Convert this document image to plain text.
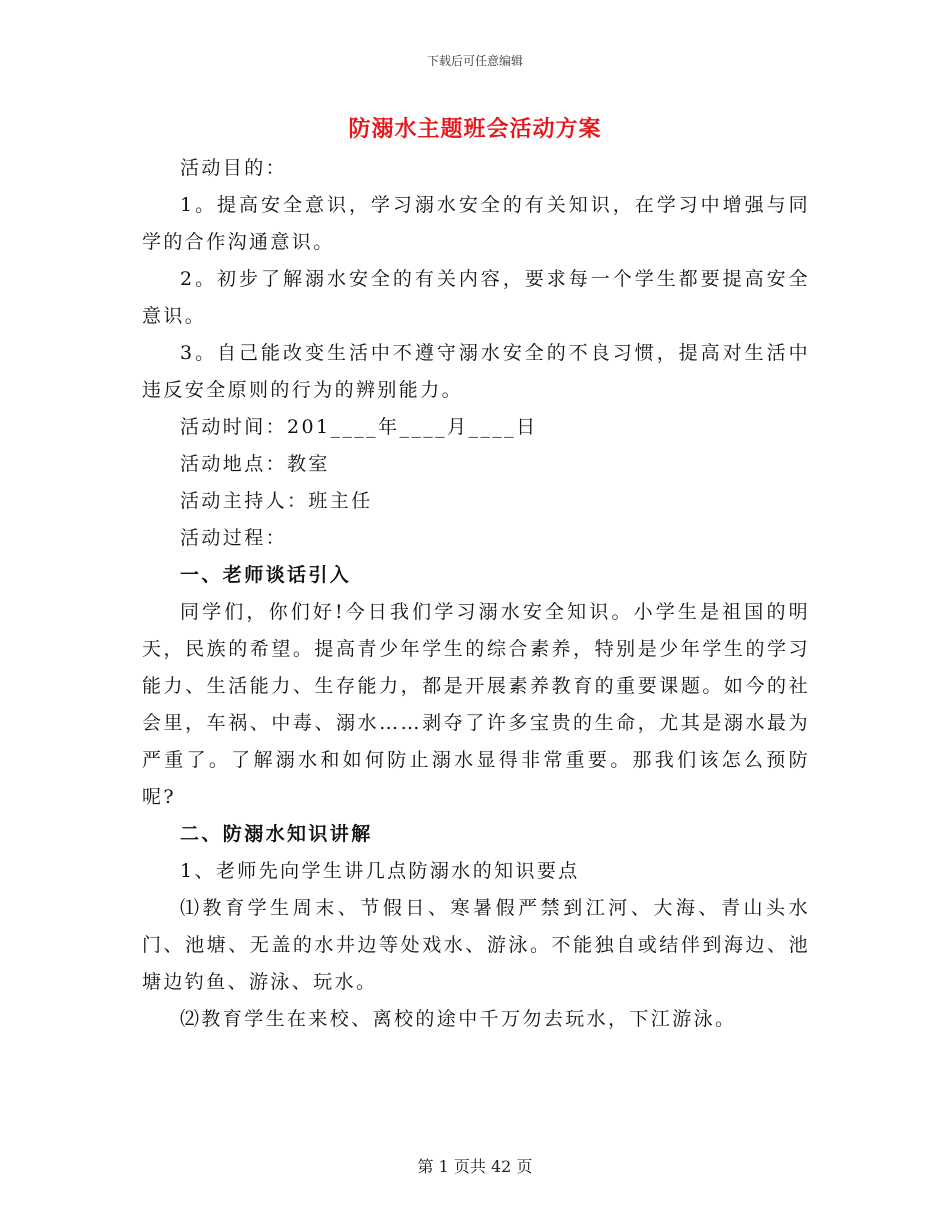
下载后可任意编辑
防溺水主题班会活动方案

活动目的：

1。提高安全意识，学习溺水安全的有关知识，在学习中增强与同学的合作沟通意识。

2。初步了解溺水安全的有关内容，要求每一个学生都要提高安全意识。

3。自己能改变生活中不遵守溺水安全的不良习惯，提高对生活中违反安全原则的行为的辨别能力。

活动时间：201____年____月____日

活动地点：教室

活动主持人：班主任

活动过程：

一、老师谈话引入

同学们，你们好!今日我们学习溺水安全知识。小学生是祖国的明天，民族的希望。提高青少年学生的综合素养，特别是少年学生的学习能力、生活能力、生存能力，都是开展素养教育的重要课题。如今的社会里，车祸、中毒、溺水……剥夺了许多宝贵的生命，尤其是溺水最为严重了。了解溺水和如何防止溺水显得非常重要。那我们该怎么预防呢?

二、防溺水知识讲解

1、老师先向学生讲几点防溺水的知识要点

⑴教育学生周末、节假日、寒暑假严禁到江河、大海、青山头水门、池塘、无盖的水井边等处戏水、游泳。不能独自或结伴到海边、池塘边钓鱼、游泳、玩水。

⑵教育学生在来校、离校的途中千万勿去玩水，下江游泳。

第 1 页共 42 页
